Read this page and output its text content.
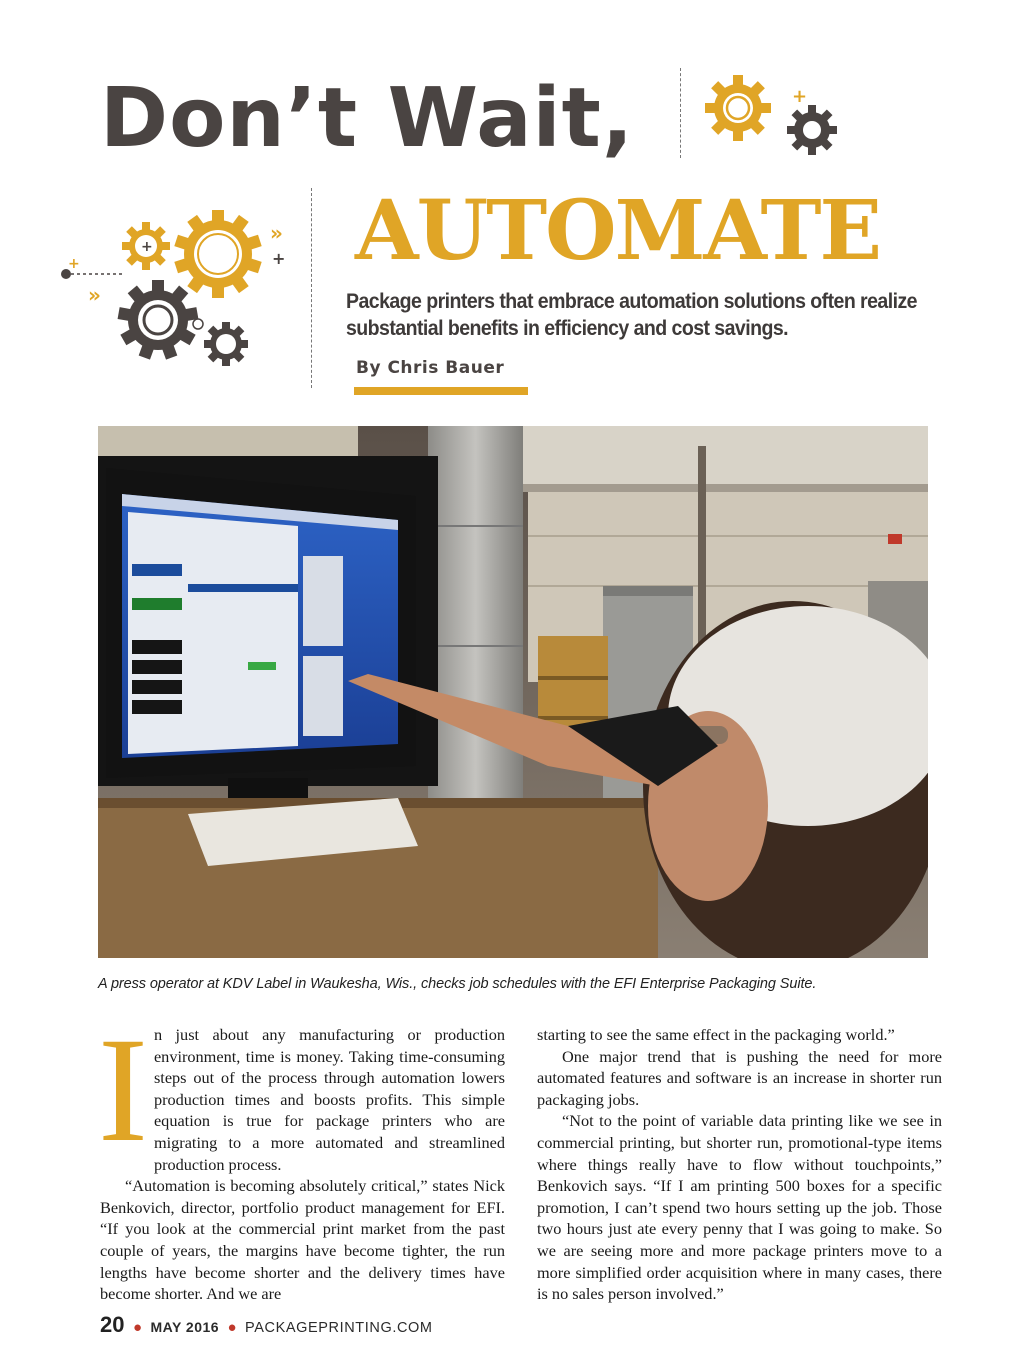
Don’t Wait,
AUTOMATE
+
+
»
»
+
+
Package printers that embrace automation solutions often realize substantial benefits in efficiency and cost savings.
By Chris Bauer
A press operator at KDV Label in Waukesha, Wis., checks job schedules with the EFI Enterprise Packaging Suite.
I n just about any manufacturing or production environment, time is money. Taking time-consuming steps out of the process through automation lowers production times and boosts profits. This simple equation is true for package printers who are migrating to a more automated and streamlined production process.

“Automation is becoming absolutely critical,” states Nick Benkovich, director, portfolio product management for EFI. “If you look at the commercial print market from the past couple of years, the margins have become tighter, the run lengths have become shorter and the delivery times have become shorter. And we are

starting to see the same effect in the packaging world.”

One major trend that is pushing the need for more automated features and software is an increase in shorter run packaging jobs.

“Not to the point of variable data printing like we see in commercial printing, but shorter run, promotional-type items where things really have to flow without touchpoints,” Benkovich says. “If I am printing 500 boxes for a specific promotion, I can’t spend two hours setting up the job. Those two hours just ate every penny that I was going to make. So we are seeing more and more package printers move to a more simplified order acquisition where in many cases, there is no sales person involved.”

20 ● MAY 2016 ● PACKAGEPRINTING.COM
